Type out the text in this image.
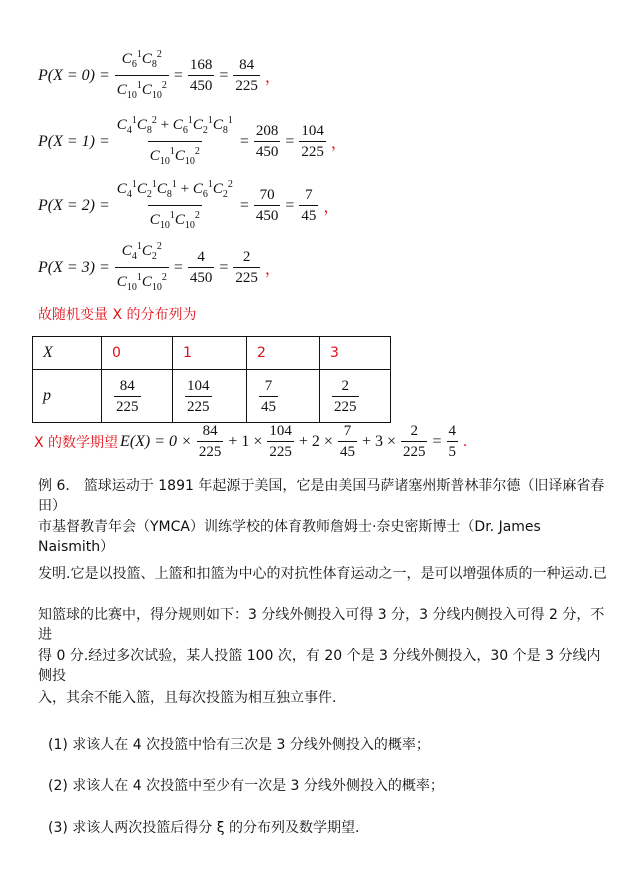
$P(X = 0) = \frac{C_6^1C_8^2}{C_{10}^1C_{10}^2} = \frac{168}{450} = \frac{84}{225}$ ，
$P(X = 1) = \frac{C_4^1C_8^2 + C_6^1C_2^1C_8^1}{C_{10}^1C_{10}^2} = \frac{208}{450} = \frac{104}{225}$ ，
$P(X = 2) = \frac{C_4^1C_2^1C_8^1 + C_6^1C_2^2}{C_{10}^1C_{10}^2} = \frac{70}{450} = \frac{7}{45}$ ，
$P(X = 3) = \frac{C_4^1C_2^2}{C_{10}^1C_{10}^2} = \frac{4}{450} = \frac{2}{225}$ ，
故随机变量 X 的分布列为
X	0	1	2	3
p	$\frac{84}{225}$	$\frac{104}{225}$	$\frac{7}{45}$	$\frac{2}{225}$
X 的数学期望 $E(X) = 0 \times \frac{84}{225} + 1 \times \frac{104}{225} + 2 \times \frac{7}{45} + 3 \times \frac{2}{225} = \frac{4}{5}$ .
例 6． 篮球运动于 1891 年起源于美国，它是由美国马萨诸塞州斯普林菲尔德（旧译麻省春田）
市基督教青年会（YMCA）训练学校的体育教师詹姆士·奈史密斯博士（Dr. James Naismith）
发明.它是以投篮、上篮和扣篮为中心的对抗性体育运动之一，是可以增强体质的一种运动.已
知篮球的比赛中，得分规则如下：3 分线外侧投入可得 3 分，3 分线内侧投入可得 2 分，不进
得 0 分.经过多次试验，某人投篮 100 次，有 20 个是 3 分线外侧投入，30 个是 3 分线内侧投
入，其余不能入篮，且每次投篮为相互独立事件.
(1) 求该人在 4 次投篮中恰有三次是 3 分线外侧投入的概率；
(2) 求该人在 4 次投篮中至少有一次是 3 分线外侧投入的概率；
(3) 求该人两次投篮后得分 ξ 的分布列及数学期望.
